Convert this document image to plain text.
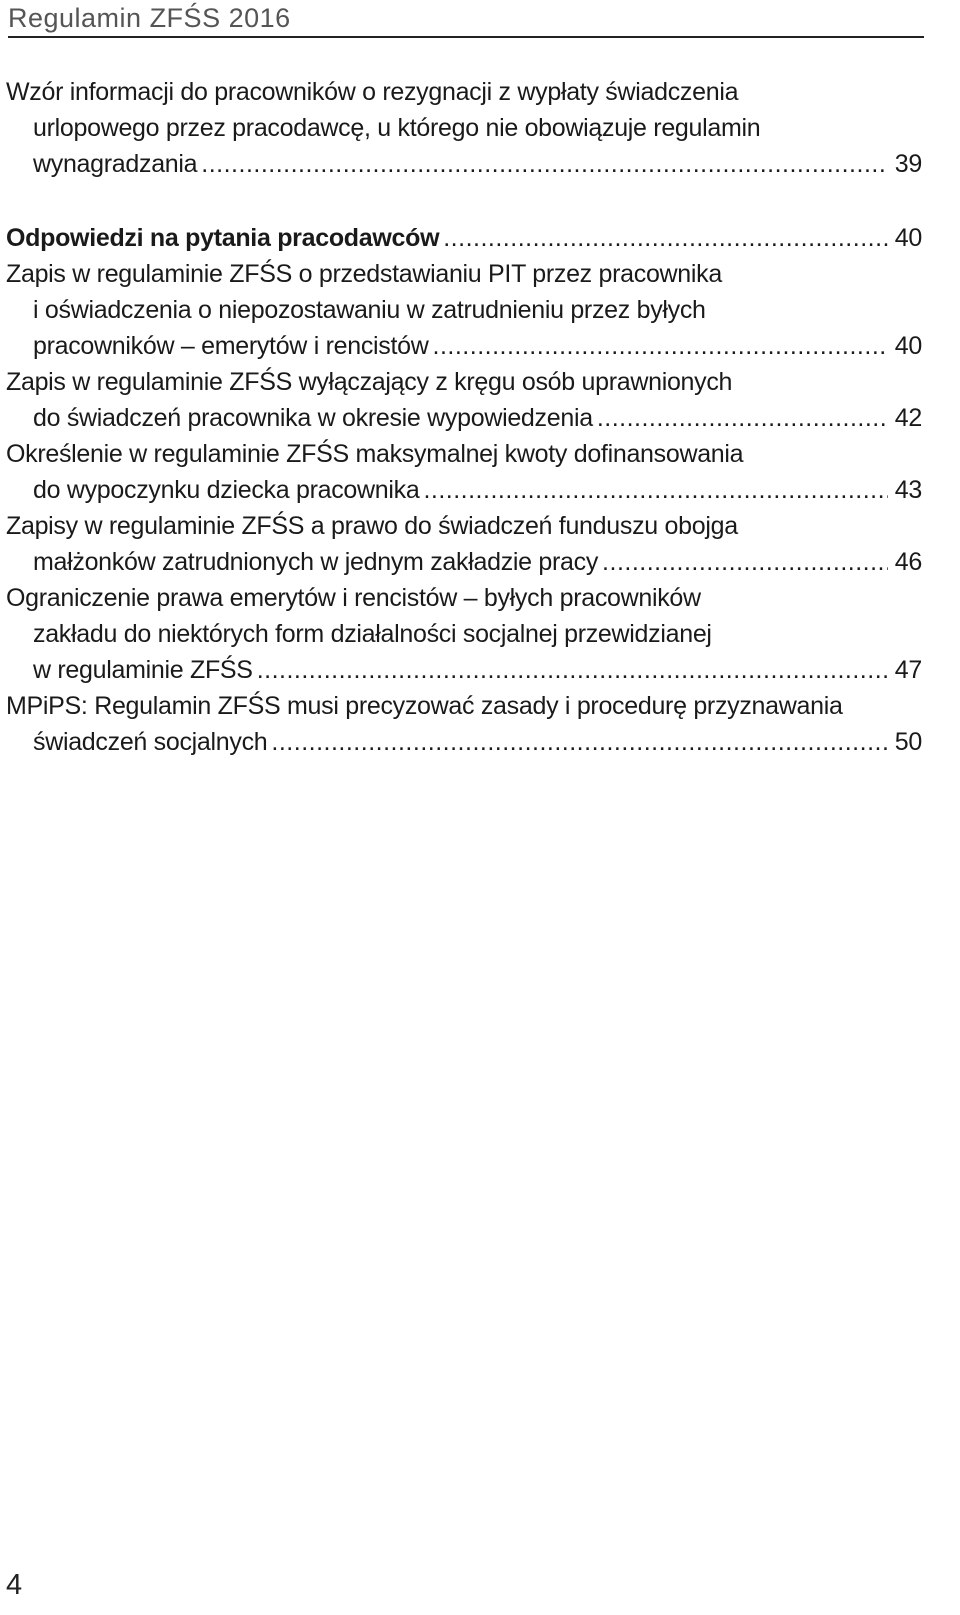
Regulamin ZFŚS 2016
Wzór informacji do pracowników o rezygnacji z wypłaty świadczenia
urlopowego przez pracodawcę, u którego nie obowiązuje regulamin
wynagradzania .....	39
Odpowiedzi na pytania pracodawców .....	40
Zapis w regulaminie ZFŚS o przedstawianiu PIT przez pracownika
i oświadczenia o niepozostawaniu w zatrudnieniu przez byłych
pracowników – emerytów i rencistów .....	40
Zapis w regulaminie ZFŚS wyłączający z kręgu osób uprawnionych
do świadczeń pracownika w okresie wypowiedzenia .....	42
Określenie w regulaminie ZFŚS maksymalnej kwoty dofinansowania
do wypoczynku dziecka pracownika .....	43
Zapisy w regulaminie ZFŚS a prawo do świadczeń funduszu obojga
małżonków zatrudnionych w jednym zakładzie pracy .....	46
Ograniczenie prawa emerytów i rencistów – byłych pracowników
zakładu do niektórych form działalności socjalnej przewidzianej
w regulaminie ZFŚS .....	47
MPiPS: Regulamin ZFŚS musi precyzować zasady i procedurę przyznawania
świadczeń socjalnych .....	50
4
